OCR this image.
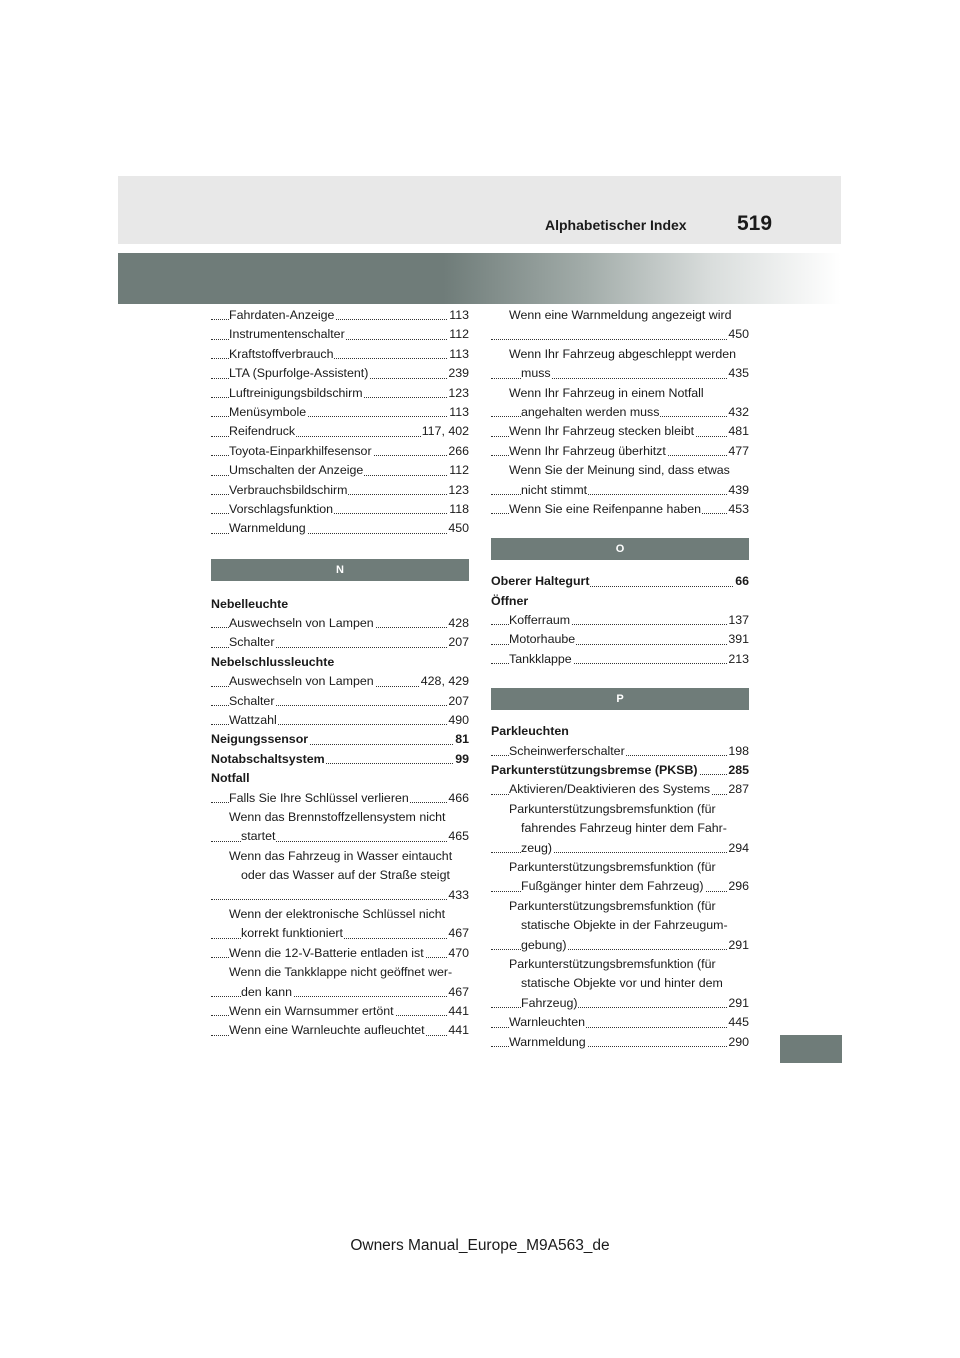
Alphabetischer Index 519
Fahrdaten-Anzeige	113
Instrumentenschalter	112
Kraftstoffverbrauch	113
LTA (Spurfolge-Assistent)	239
Luftreinigungsbildschirm	123
Menüsymbole	113
Reifendruck	117, 402
Toyota-Einparkhilfesensor	266
Umschalten der Anzeige	112
Verbrauchsbildschirm	123
Vorschlagsfunktion	118
Warnmeldung	450
N
Nebelleuchte
Auswechseln von Lampen	428
Schalter	207
Nebelschlussleuchte
Auswechseln von Lampen	428, 429
Schalter	207
Wattzahl	490
Neigungssensor	81
Notabschaltsystem	99
Notfall
Falls Sie Ihre Schlüssel verlieren	466
Wenn das Brennstoffzellensystem nicht
startet	465
Wenn das Fahrzeug in Wasser eintaucht
oder das Wasser auf der Straße steigt
433
Wenn der elektronische Schlüssel nicht
korrekt funktioniert	467
Wenn die 12-V-Batterie entladen ist 470
Wenn die Tankklappe nicht geöffnet wer-
den kann	467
Wenn ein Warnsummer ertönt	441
Wenn eine Warnleuchte aufleuchtet 441
Wenn eine Warnmeldung angezeigt wird
450
Wenn Ihr Fahrzeug abgeschleppt werden
muss	435
Wenn Ihr Fahrzeug in einem Notfall
angehalten werden muss	432
Wenn Ihr Fahrzeug stecken bleibt	481
Wenn Ihr Fahrzeug überhitzt	477
Wenn Sie der Meinung sind, dass etwas
nicht stimmt	439
Wenn Sie eine Reifenpanne haben 453
O
Oberer Haltegurt	66
Öffner
Kofferraum	137
Motorhaube	391
Tankklappe	213
P
Parkleuchten
Scheinwerferschalter	198
Parkunterstützungsbremse (PKSB) 285
Aktivieren/Deaktivieren des Systems 287
Parkunterstützungsbremsfunktion (für
fahrendes Fahrzeug hinter dem Fahr-
zeug)	294
Parkunterstützungsbremsfunktion (für
Fußgänger hinter dem Fahrzeug) 296
Parkunterstützungsbremsfunktion (für
statische Objekte in der Fahrzeugum-
gebung)	291
Parkunterstützungsbremsfunktion (für
statische Objekte vor und hinter dem
Fahrzeug)	291
Warnleuchten	445
Warnmeldung	290
Owners Manual_Europe_M9A563_de
